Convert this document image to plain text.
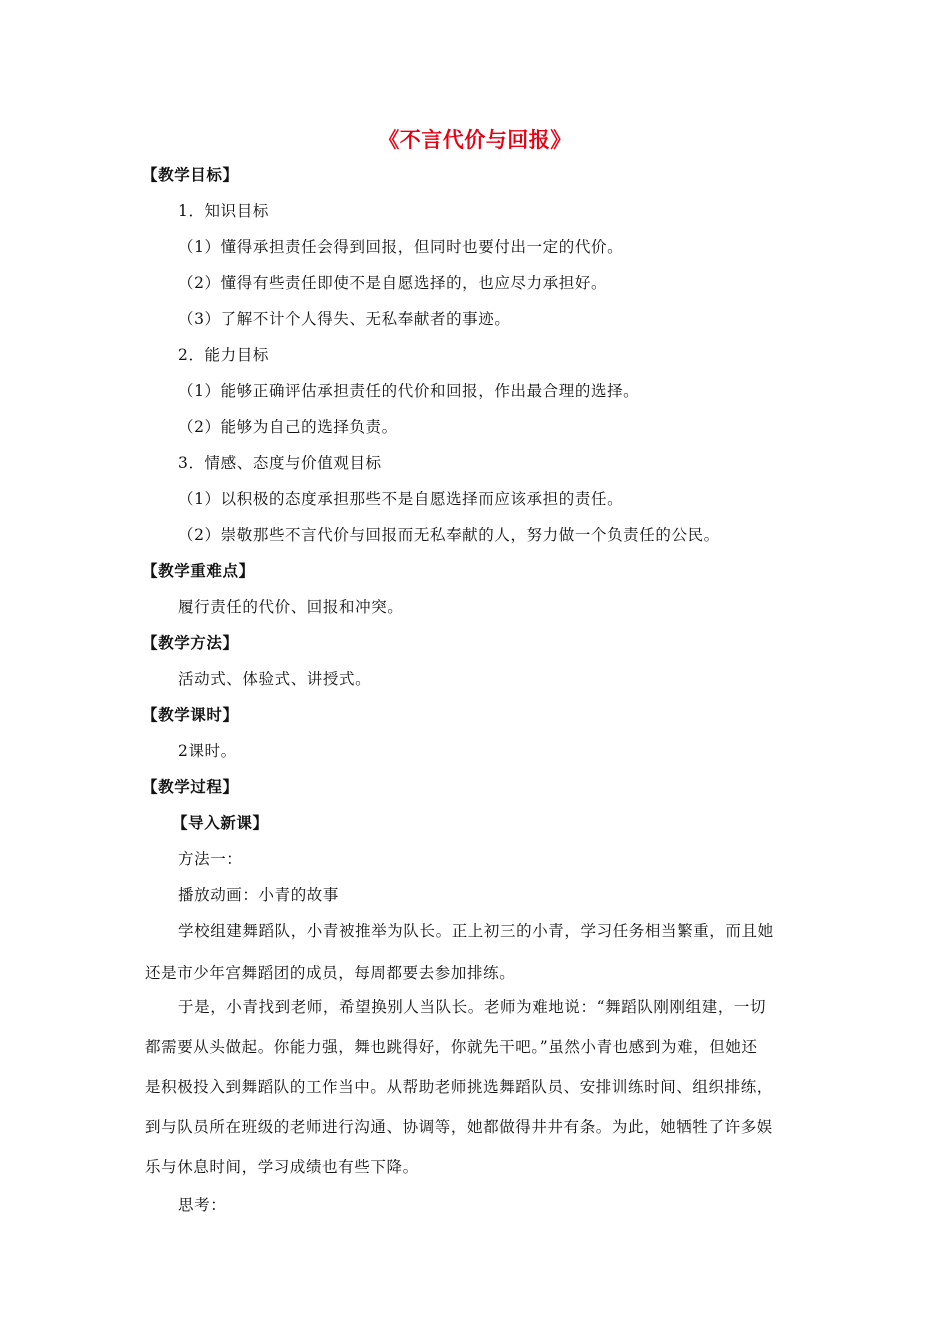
《不言代价与回报》
【教学目标】
1．知识目标
（1）懂得承担责任会得到回报，但同时也要付出一定的代价。
（2）懂得有些责任即使不是自愿选择的，也应尽力承担好。
（3）了解不计个人得失、无私奉献者的事迹。
2．能力目标
（1）能够正确评估承担责任的代价和回报，作出最合理的选择。
（2）能够为自己的选择负责。
3．情感、态度与价值观目标
（1）以积极的态度承担那些不是自愿选择而应该承担的责任。
（2）崇敬那些不言代价与回报而无私奉献的人，努力做一个负责任的公民。
【教学重难点】
履行责任的代价、回报和冲突。
【教学方法】
活动式、体验式、讲授式。
【教学课时】
2课时。
【教学过程】
【导入新课】
方法一：
播放动画：小青的故事
学校组建舞蹈队，小青被推举为队长。正上初三的小青，学习任务相当繁重，而且她
还是市少年宫舞蹈团的成员，每周都要去参加排练。
于是，小青找到老师，希望换别人当队长。老师为难地说：“舞蹈队刚刚组建，一切
都需要从头做起。你能力强，舞也跳得好，你就先干吧。”虽然小青也感到为难，但她还
是积极投入到舞蹈队的工作当中。从帮助老师挑选舞蹈队员、安排训练时间、组织排练，
到与队员所在班级的老师进行沟通、协调等，她都做得井井有条。为此，她牺牲了许多娱
乐与休息时间，学习成绩也有些下降。
思考：
